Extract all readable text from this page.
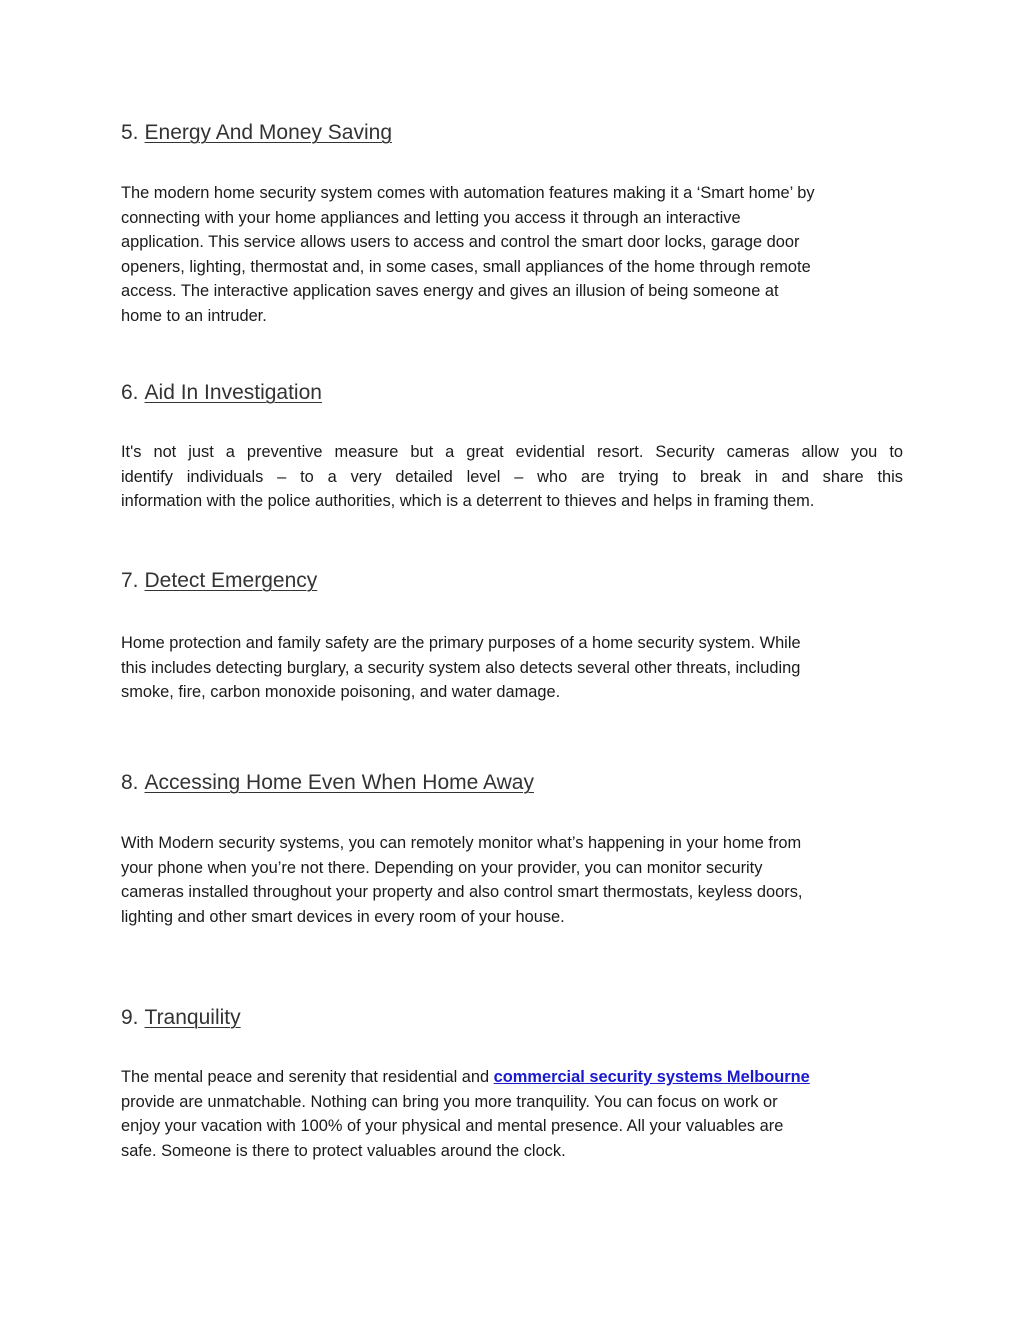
5. Energy And Money Saving

The modern home security system comes with automation features making it a ‘Smart home’ by
connecting with your home appliances and letting you access it through an interactive
application. This service allows users to access and control the smart door locks, garage door
openers, lighting, thermostat and, in some cases, small appliances of the home through remote
access. The interactive application saves energy and gives an illusion of being someone at
home to an intruder.

6. Aid In Investigation

It's not just a preventive measure but a great evidential resort. Security cameras allow you to
identify individuals – to a very detailed level – who are trying to break in and share this
information with the police authorities, which is a deterrent to thieves and helps in framing them.

7. Detect Emergency

Home protection and family safety are the primary purposes of a home security system. While
this includes detecting burglary, a security system also detects several other threats, including
smoke, fire, carbon monoxide poisoning, and water damage.

8. Accessing Home Even When Home Away

With Modern security systems, you can remotely monitor what’s happening in your home from
your phone when you’re not there. Depending on your provider, you can monitor security
cameras installed throughout your property and also control smart thermostats, keyless doors,
lighting and other smart devices in every room of your house.

9. Tranquility

The mental peace and serenity that residential and commercial security systems Melbourne
provide are unmatchable. Nothing can bring you more tranquility. You can focus on work or
enjoy your vacation with 100% of your physical and mental presence. All your valuables are
safe. Someone is there to protect valuables around the clock.
